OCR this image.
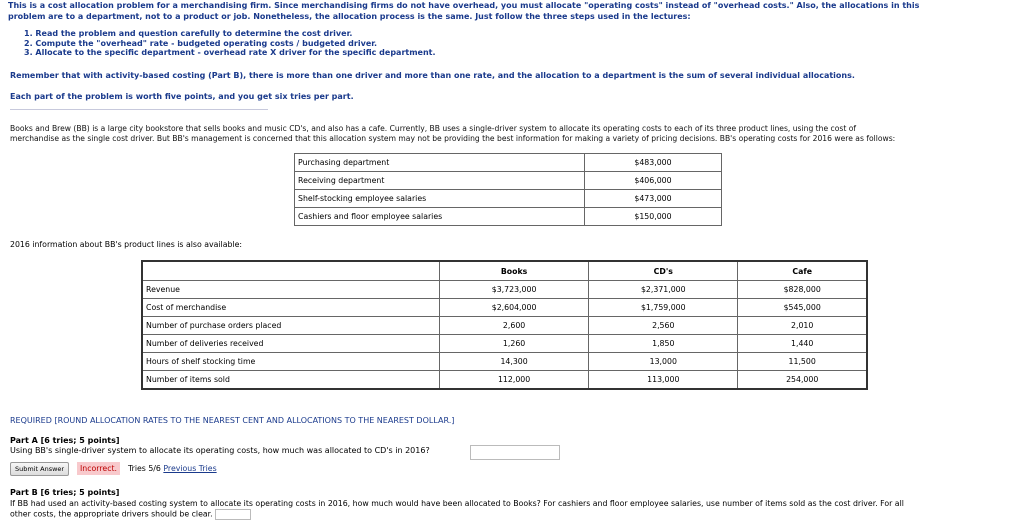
This is a cost allocation problem for a merchandising firm. Since merchandising firms do not have overhead, you must allocate "operating costs" instead of "overhead costs." Also, the allocations in this
problem are to a department, not to a product or job. Nonetheless, the allocation process is the same. Just follow the three steps used in the lectures:
1. Read the problem and question carefully to determine the cost driver.
2. Compute the "overhead" rate - budgeted operating costs / budgeted driver.
3. Allocate to the specific department - overhead rate X driver for the specific department.
Remember that with activity-based costing (Part B), there is more than one driver and more than one rate, and the allocation to a department is the sum of several individual allocations.
Each part of the problem is worth five points, and you get six tries per part.
Books and Brew (BB) is a large city bookstore that sells books and music CD's, and also has a cafe. Currently, BB uses a single-driver system to allocate its operating costs to each of its three product lines, using the cost of
merchandise as the single cost driver. But BB's management is concerned that this allocation system may not be providing the best information for making a variety of pricing decisions. BB's operating costs for 2016 were as follows:
Purchasing department	$483,000
Receiving department	$406,000
Shelf-stocking employee salaries	$473,000
Cashiers and floor employee salaries	$150,000
2016 information about BB's product lines is also available:
	Books	CD's	Cafe
Revenue	$3,723,000	$2,371,000	$828,000
Cost of merchandise	$2,604,000	$1,759,000	$545,000
Number of purchase orders placed	2,600	2,560	2,010
Number of deliveries received	1,260	1,850	1,440
Hours of shelf stocking time	14,300	13,000	11,500
Number of items sold	112,000	113,000	254,000
REQUIRED [ROUND ALLOCATION RATES TO THE NEAREST CENT AND ALLOCATIONS TO THE NEAREST DOLLAR.]
Part A [6 tries; 5 points]
Using BB's single-driver system to allocate its operating costs, how much was allocated to CD's in 2016?
Submit Answer	Incorrect.	Tries 5/6 Previous Tries
Part B [6 tries; 5 points]
If BB had used an activity-based costing system to allocate its operating costs in 2016, how much would have been allocated to Books? For cashiers and floor employee salaries, use number of items sold as the cost driver. For all
other costs, the appropriate drivers should be clear.
